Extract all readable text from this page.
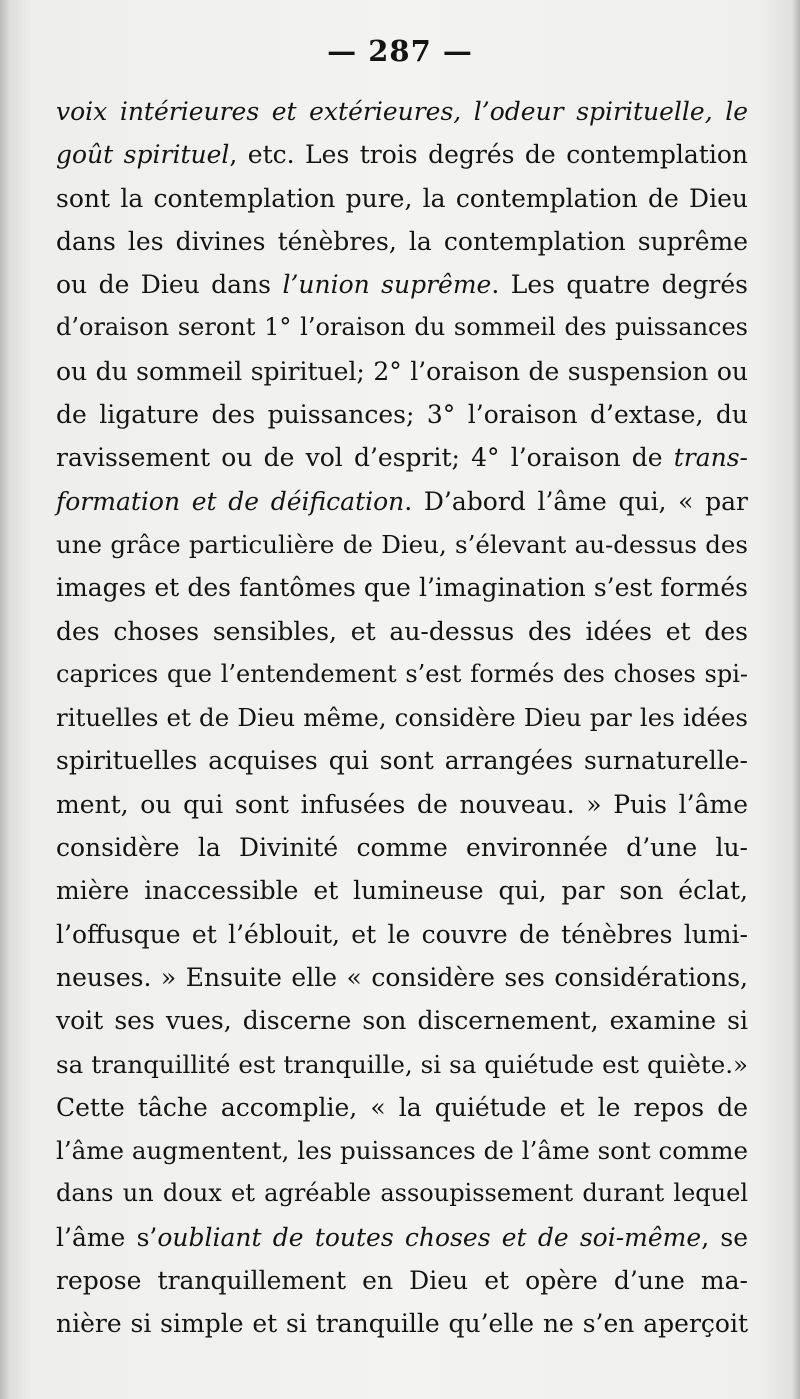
— 287 —
voix intérieures et extérieures, l’odeur spirituelle, le
goût spirituel, etc. Les trois degrés de contemplation
sont la contemplation pure, la contemplation de Dieu
dans les divines ténèbres, la contemplation suprême
ou de Dieu dans l’union suprême. Les quatre degrés
d’oraison seront 1° l’oraison du sommeil des puissances
ou du sommeil spirituel; 2° l’oraison de suspension ou
de ligature des puissances; 3° l’oraison d’extase, du
ravissement ou de vol d’esprit; 4° l’oraison de trans-
formation et de déification. D’abord l’âme qui, « par
une grâce particulière de Dieu, s’élevant au-dessus des
images et des fantômes que l’imagination s’est formés
des choses sensibles, et au-dessus des idées et des
caprices que l’entendement s’est formés des choses spi-
rituelles et de Dieu même, considère Dieu par les idées
spirituelles acquises qui sont arrangées surnaturelle-
ment, ou qui sont infusées de nouveau. » Puis l’âme
considère la Divinité comme environnée d’une lu-
mière inaccessible et lumineuse qui, par son éclat,
l’offusque et l’éblouit, et le couvre de ténèbres lumi-
neuses. » Ensuite elle « considère ses considérations,
voit ses vues, discerne son discernement, examine si
sa tranquillité est tranquille, si sa quiétude est quiète.»
Cette tâche accomplie, « la quiétude et le repos de
l’âme augmentent, les puissances de l’âme sont comme
dans un doux et agréable assoupissement durant lequel
l’âme s’oubliant de toutes choses et de soi-même, se
repose tranquillement en Dieu et opère d’une ma-
nière si simple et si tranquille qu’elle ne s’en aperçoit
